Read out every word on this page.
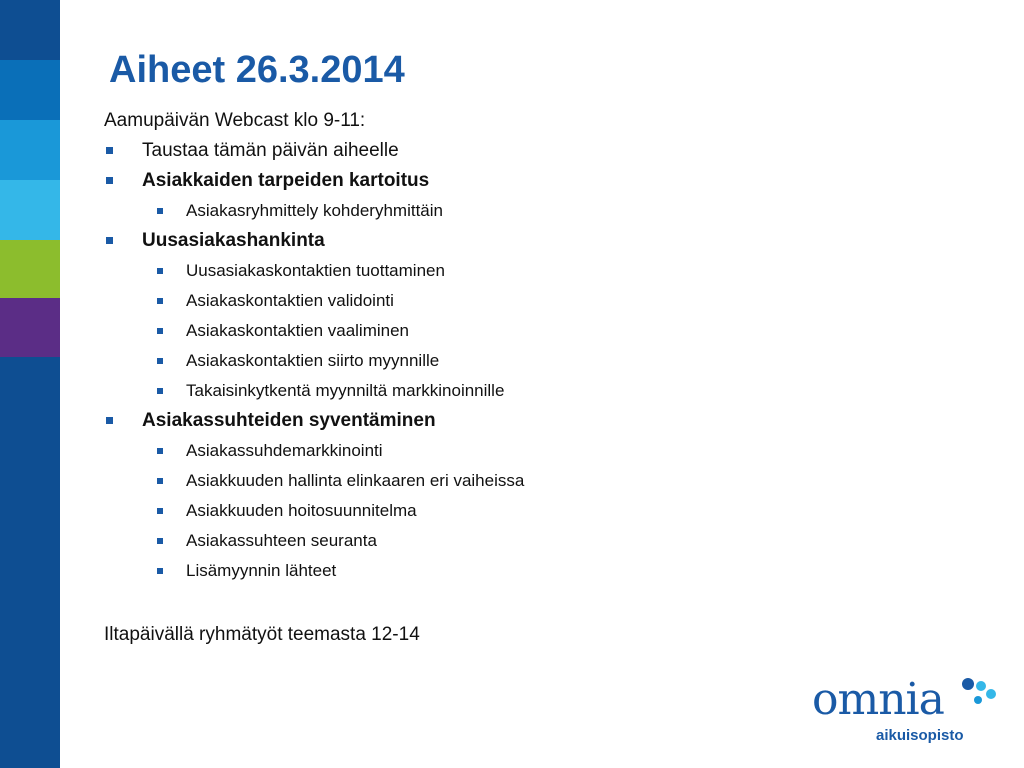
Aiheet 26.3.2014
Aamupäivän Webcast klo 9-11:
Taustaa tämän päivän aiheelle
Asiakkaiden tarpeiden kartoitus
Asiakasryhmittely kohderyhmittäin
Uusasiakashankinta
Uusasiakaskontaktien tuottaminen
Asiakaskontaktien validointi
Asiakaskontaktien vaaliminen
Asiakaskontaktien siirto myynnille
Takaisinkytkentä myynniltä markkinoinnille
Asiakassuhteiden syventäminen
Asiakassuhdemarkkinointi
Asiakkuuden hallinta elinkaaren eri vaiheissa
Asiakkuuden hoitosuunnitelma
Asiakassuhteen seuranta
Lisämyynnin lähteet
Iltapäivällä ryhmätyöt teemasta 12-14
omnia
aikuisopisto
